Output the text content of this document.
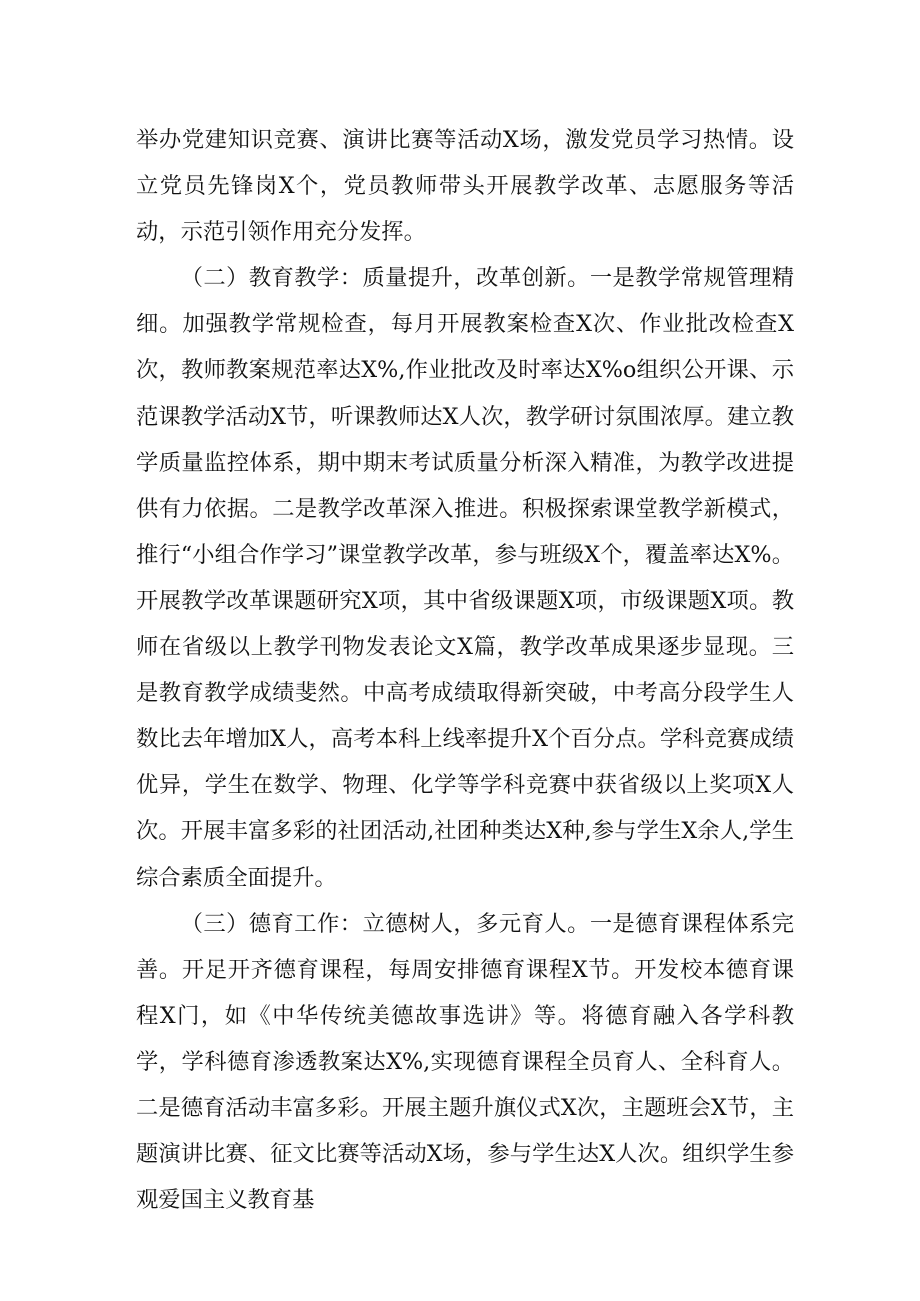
举办党建知识竞赛、演讲比赛等活动X场，激发党员学习热情。设立党员先锋岗X个，党员教师带头开展教学改革、志愿服务等活动，示范引领作用充分发挥。

（二）教育教学：质量提升，改革创新。一是教学常规管理精细。加强教学常规检查，每月开展教案检查X次、作业批改检查X次，教师教案规范率达X%,作业批改及时率达X%o组织公开课、示范课教学活动X节，听课教师达X人次，教学研讨氛围浓厚。建立教学质量监控体系，期中期末考试质量分析深入精准，为教学改进提供有力依据。二是教学改革深入推进。积极探索课堂教学新模式，推行“小组合作学习”课堂教学改革，参与班级X个，覆盖率达X%。开展教学改革课题研究X项，其中省级课题X项，市级课题X项。教师在省级以上教学刊物发表论文X篇，教学改革成果逐步显现。三是教育教学成绩斐然。中高考成绩取得新突破，中考高分段学生人数比去年增加X人，高考本科上线率提升X个百分点。学科竞赛成绩优异，学生在数学、物理、化学等学科竞赛中获省级以上奖项X人次。开展丰富多彩的社团活动,社团种类达X种,参与学生X余人,学生综合素质全面提升。

（三）德育工作：立德树人，多元育人。一是德育课程体系完善。开足开齐德育课程，每周安排德育课程X节。开发校本德育课程X门，如《中华传统美德故事选讲》等。将德育融入各学科教学，学科德育渗透教案达X%,实现德育课程全员育人、全科育人。二是德育活动丰富多彩。开展主题升旗仪式X次，主题班会X节，主题演讲比赛、征文比赛等活动X场，参与学生达X人次。组织学生参观爱国主义教育基
